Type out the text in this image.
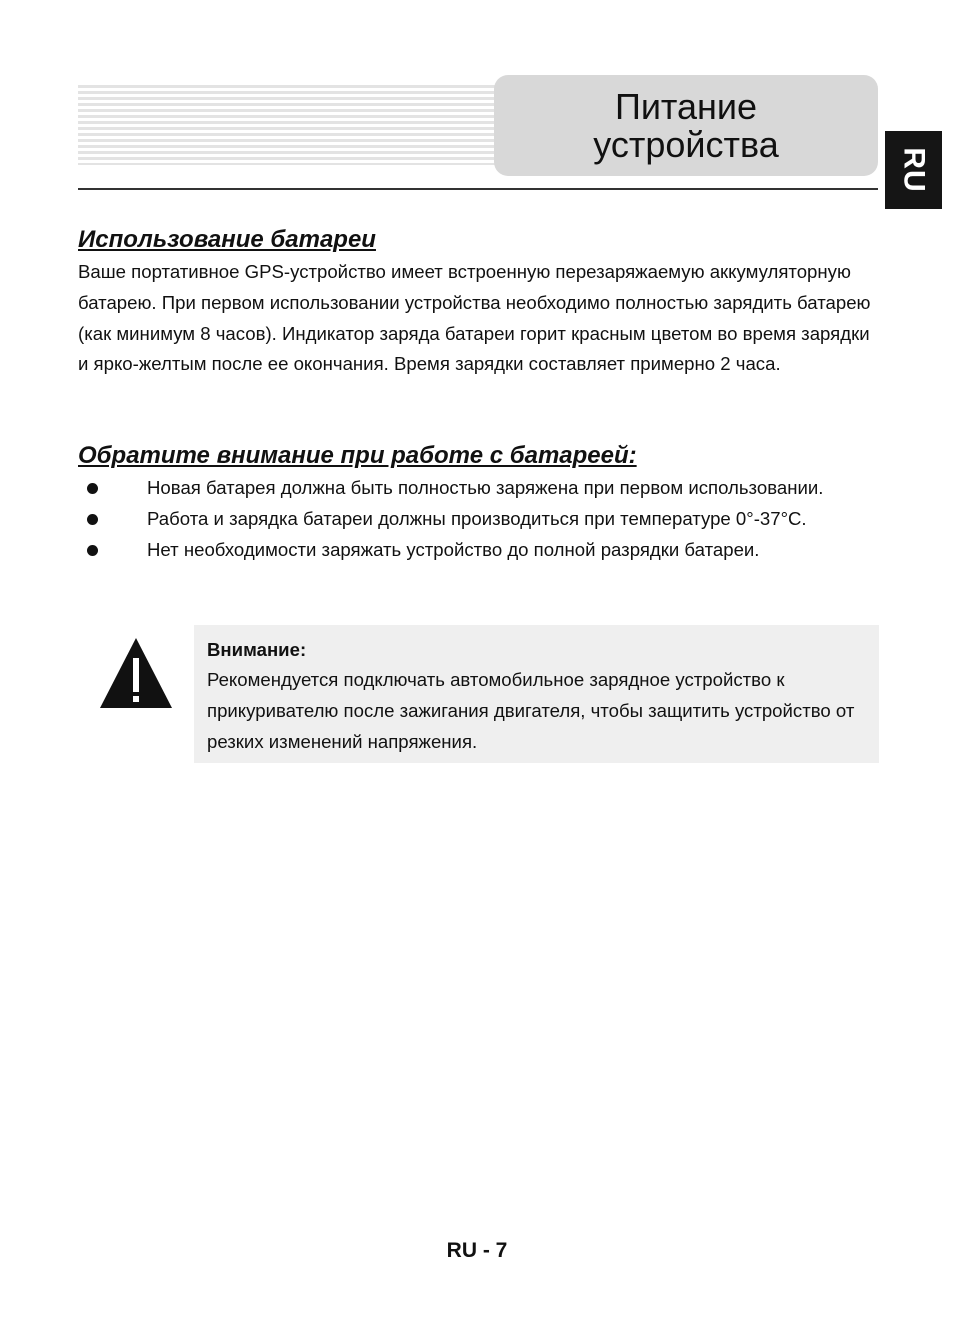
Питание
устройства
RU
Использование батареи

Ваше портативное GPS-устройство имеет встроенную перезаряжаемую аккумуляторную батарею. При первом использовании устройства необходимо полностью зарядить батарею (как минимум 8 часов). Индикатор заряда батареи горит красным цветом во время зарядки и ярко-желтым после ее окончания. Время зарядки составляет примерно 2 часа.

Обратите внимание при работе с батареей:
Новая батарея должна быть полностью заряжена при первом использовании.
Работа и зарядка батареи должны производиться при температуре 0°-37°C.
Нет необходимости заряжать устройство до полной разрядки батареи.

Внимание:

Рекомендуется подключать автомобильное зарядное устройство к прикуривателю после зажигания двигателя, чтобы защитить устройство от резких изменений напряжения.

RU - 7
